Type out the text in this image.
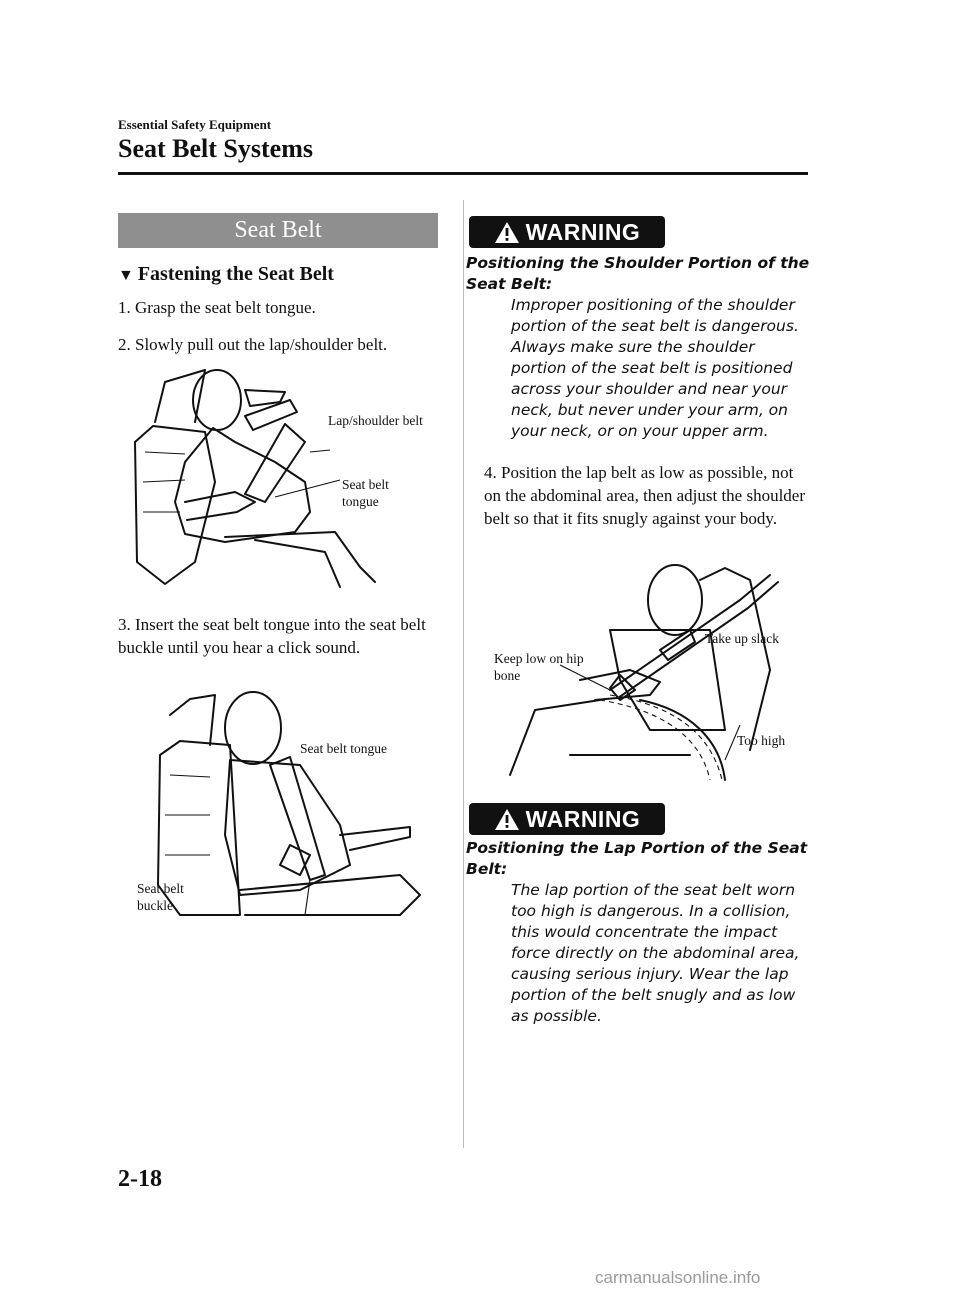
Essential Safety Equipment
Seat Belt Systems
Seat Belt
▼ Fastening the Seat Belt
1. Grasp the seat belt tongue.
2. Slowly pull out the lap/shoulder belt.
Lap/shoulder belt
Seat belt tongue
3. Insert the seat belt tongue into the seat belt buckle until you hear a click sound.
Seat belt tongue
Seat belt buckle
WARNING
Positioning the Shoulder Portion of the Seat Belt:
Improper positioning of the shoulder portion of the seat belt is dangerous. Always make sure the shoulder portion of the seat belt is positioned across your shoulder and near your neck, but never under your arm, on your neck, or on your upper arm.
4. Position the lap belt as low as possible, not on the abdominal area, then adjust the shoulder belt so that it fits snugly against your body.
Keep low on hip bone
Take up slack
Too high
WARNING
Positioning the Lap Portion of the Seat Belt:
The lap portion of the seat belt worn too high is dangerous. In a collision, this would concentrate the impact force directly on the abdominal area, causing serious injury. Wear the lap portion of the belt snugly and as low as possible.
2-18
carmanualsonline.info
